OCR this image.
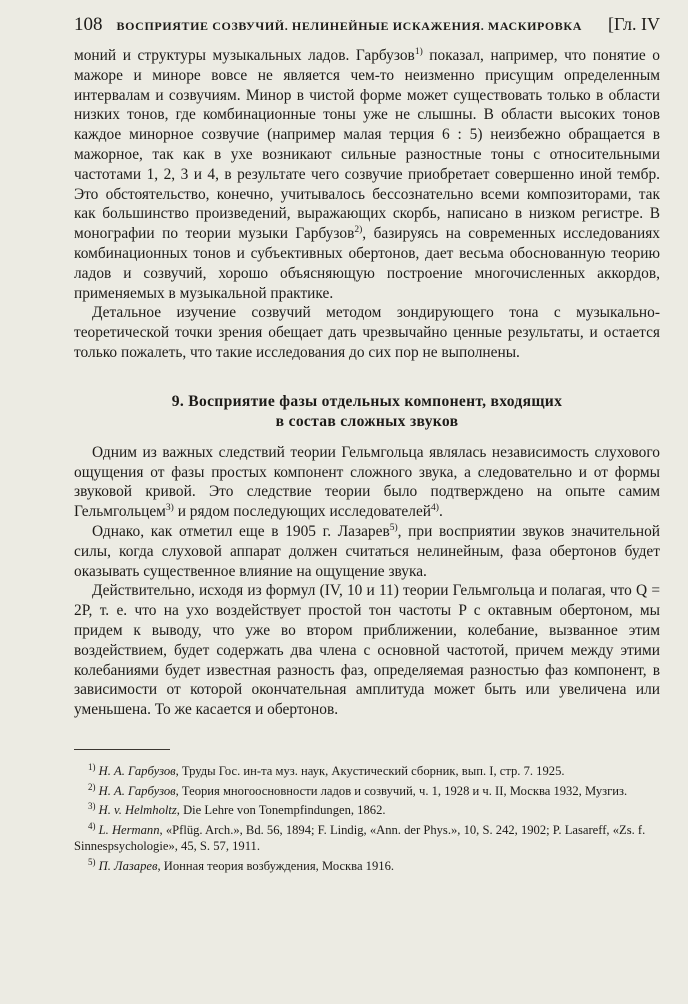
108 ВОСПРИЯТИЕ СОЗВУЧИЙ. НЕЛИНЕЙНЫЕ ИСКАЖЕНИЯ. МАСКИРОВКА	[Гл. IV

моний и структуры музыкальных ладов. Гарбузов$^{1)}$ показал, например, что понятие о мажоре и миноре вовсе не является чем-то неизменно присущим определенным интервалам и созвучиям. Минор в чистой форме может существовать только в области низких тонов, где комбинационные тоны уже не слышны. В области высоких тонов каждое минорное созвучие (например малая терция 6 : 5) неизбежно обращается в мажорное, так как в ухе возникают сильные разностные тоны с относительными частотами 1, 2, 3 и 4, в результате чего созвучие приобретает совершенно иной тембр. Это обстоятельство, конечно, учитывалось бессознательно всеми композиторами, так как большинство произведений, выражающих скорбь, написано в низком регистре. В монографии по теории музыки Гарбузов$^{2)}$, базируясь на современных исследованиях комбинационных тонов и субъективных обертонов, дает весьма обоснованную теорию ладов и созвучий, хорошо объясняющую построение многочисленных аккордов, применяемых в музыкальной практике.

Детальное изучение созвучий методом зондирующего тона с музыкально-теоретической точки зрения обещает дать чрезвычайно ценные результаты, и остается только пожалеть, что такие исследования до сих пор не выполнены.

9. Восприятие фазы отдельных компонент, входящих
в состав сложных звуков

Одним из важных следствий теории Гельмгольца являлась независимость слухового ощущения от фазы простых компонент сложного звука, а следовательно и от формы звуковой кривой. Это следствие теории было подтверждено на опыте самим Гельмгольцем$^{3)}$ и рядом последующих исследователей$^{4)}$.

Однако, как отметил еще в 1905 г. Лазарев$^{5)}$, при восприятии звуков значительной силы, когда слуховой аппарат должен считаться нелинейным, фаза обертонов будет оказывать существенное влияние на ощущение звука.

Действительно, исходя из формул (IV, 10 и 11) теории Гельмгольца и полагая, что Q = 2P, т. е. что на ухо воздействует простой тон частоты P с октавным обертоном, мы придем к выводу, что уже во втором приближении, колебание, вызванное этим воздействием, будет содержать два члена с основной частотой, причем между этими колебаниями будет известная разность фаз, определяемая разностью фаз компонент, в зависимости от которой окончательная амплитуда может быть или увеличена или уменьшена. То же касается и обертонов.

$^{1)}$ Н. А. Гарбузов, Труды Гос. ин-та муз. наук, Акустический сборник, вып. I, стр. 7. 1925.

$^{2)}$ Н. А. Гарбузов, Теория многоосновности ладов и созвучий, ч. 1, 1928 и ч. II, Москва 1932, Музгиз.

$^{3)}$ Н. v. Helmholtz, Die Lehre von Tonempfindungen, 1862.

$^{4)}$ L. Hermann, «Pflüg. Arch.», Bd. 56, 1894; F. Lindig, «Ann. der Phys.», 10, S. 242, 1902; P. Lasareff, «Zs. f. Sinnespsychologie», 45, S. 57, 1911.

$^{5)}$ П. Лазарев, Ионная теория возбуждения, Москва 1916.
